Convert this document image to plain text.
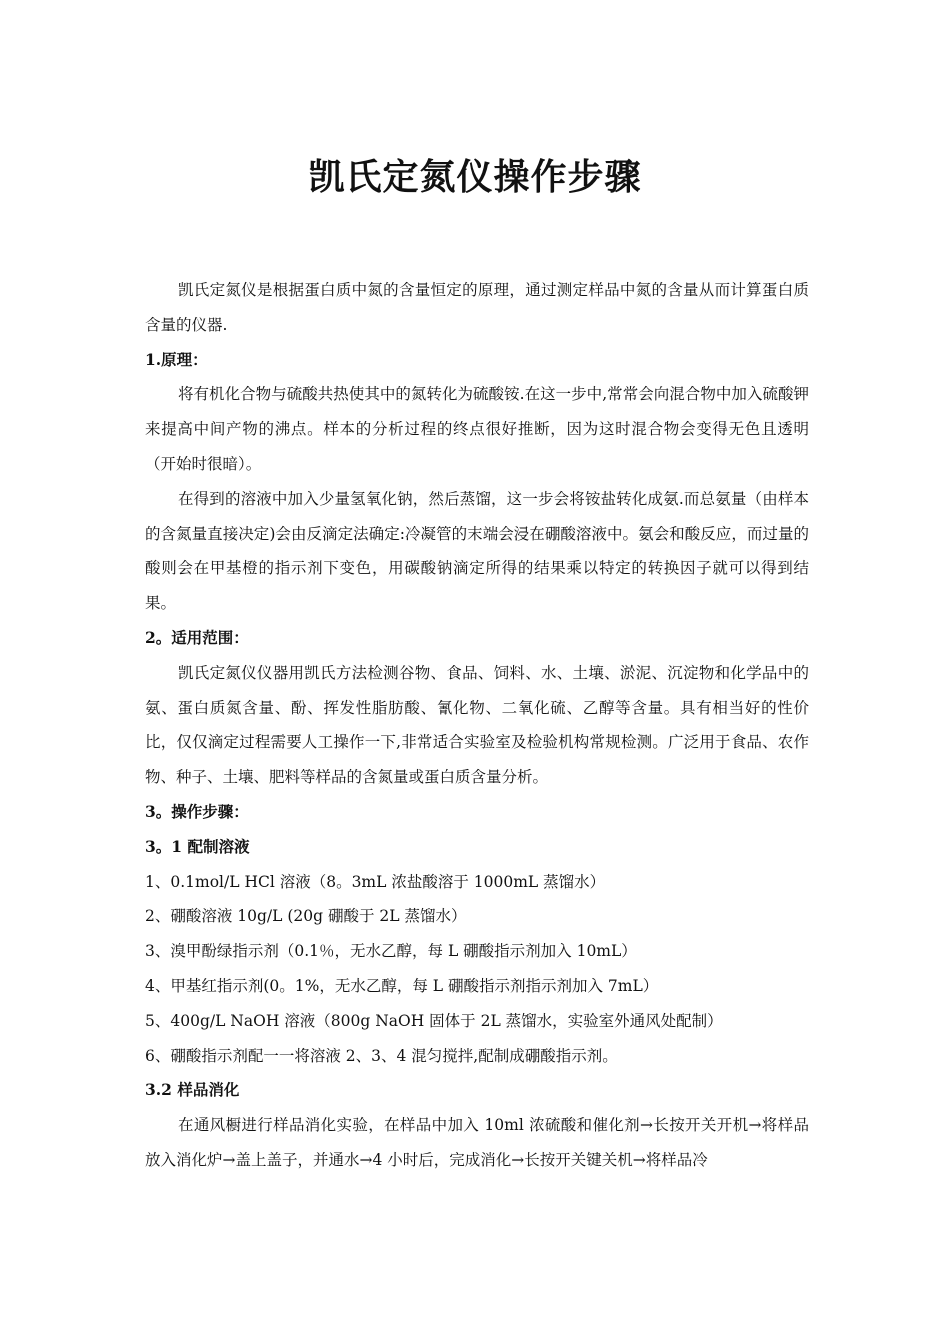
凯氏定氮仪操作步骤

凯氏定氮仪是根据蛋白质中氮的含量恒定的原理，通过测定样品中氮的含量从而计算蛋白质含量的仪器.

1.原理：

将有机化合物与硫酸共热使其中的氮转化为硫酸铵.在这一步中,常常会向混合物中加入硫酸钾来提高中间产物的沸点。样本的分析过程的终点很好推断，因为这时混合物会变得无色且透明（开始时很暗）。

在得到的溶液中加入少量氢氧化钠，然后蒸馏，这一步会将铵盐转化成氨.而总氨量（由样本的含氮量直接决定)会由反滴定法确定:冷凝管的末端会浸在硼酸溶液中。氨会和酸反应，而过量的酸则会在甲基橙的指示剂下变色，用碳酸钠滴定所得的结果乘以特定的转换因子就可以得到结果。

2。适用范围：

凯氏定氮仪仪器用凯氏方法检测谷物、食品、饲料、水、土壤、淤泥、沉淀物和化学品中的氨、蛋白质氮含量、酚、挥发性脂肪酸、氰化物、二氧化硫、乙醇等含量。具有相当好的性价比，仅仅滴定过程需要人工操作一下,非常适合实验室及检验机构常规检测。广泛用于食品、农作物、种子、土壤、肥料等样品的含氮量或蛋白质含量分析。

3。操作步骤：

3。1 配制溶液

1、0.1mol/L HCl 溶液（8。3mL 浓盐酸溶于 1000mL 蒸馏水）

2、硼酸溶液 10g/L (20g 硼酸于 2L 蒸馏水）

3、溴甲酚绿指示剂（0.1％，无水乙醇，每 L 硼酸指示剂加入 10mL）

4、甲基红指示剂(0。1%，无水乙醇，每 L 硼酸指示剂指示剂加入 7mL）

5、400g/L NaOH 溶液（800g NaOH 固体于 2L 蒸馏水，实验室外通风处配制）

6、硼酸指示剂配一一将溶液 2、3、4 混匀搅拌,配制成硼酸指示剂。

3.2 样品消化

在通风橱进行样品消化实验，在样品中加入 10ml 浓硫酸和催化剂→长按开关开机→将样品放入消化炉→盖上盖子，并通水→4 小时后，完成消化→长按开关键关机→将样品冷
